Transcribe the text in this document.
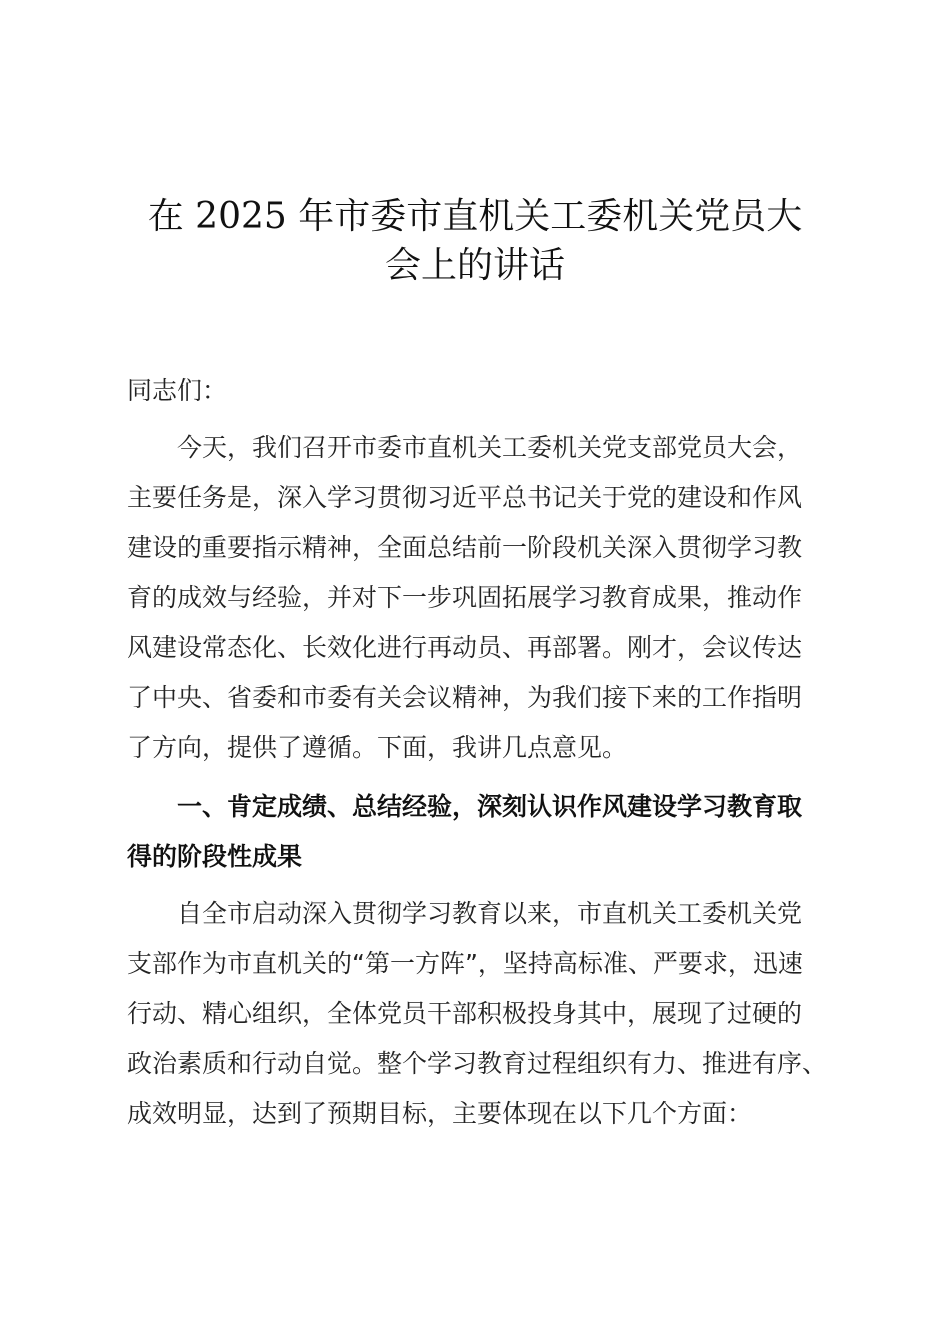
在 2025 年市委市直机关工委机关党员大
会上的讲话
同志们：
今天，我们召开市委市直机关工委机关党支部党员大会，
主要任务是，深入学习贯彻习近平总书记关于党的建设和作风
建设的重要指示精神，全面总结前一阶段机关深入贯彻学习教
育的成效与经验，并对下一步巩固拓展学习教育成果，推动作
风建设常态化、长效化进行再动员、再部署。刚才，会议传达
了中央、省委和市委有关会议精神，为我们接下来的工作指明
了方向，提供了遵循。下面，我讲几点意见。
一、肯定成绩、总结经验，深刻认识作风建设学习教育取
得的阶段性成果
自全市启动深入贯彻学习教育以来，市直机关工委机关党
支部作为市直机关的“第一方阵”，坚持高标准、严要求，迅速
行动、精心组织，全体党员干部积极投身其中，展现了过硬的
政治素质和行动自觉。整个学习教育过程组织有力、推进有序、
成效明显，达到了预期目标，主要体现在以下几个方面：
